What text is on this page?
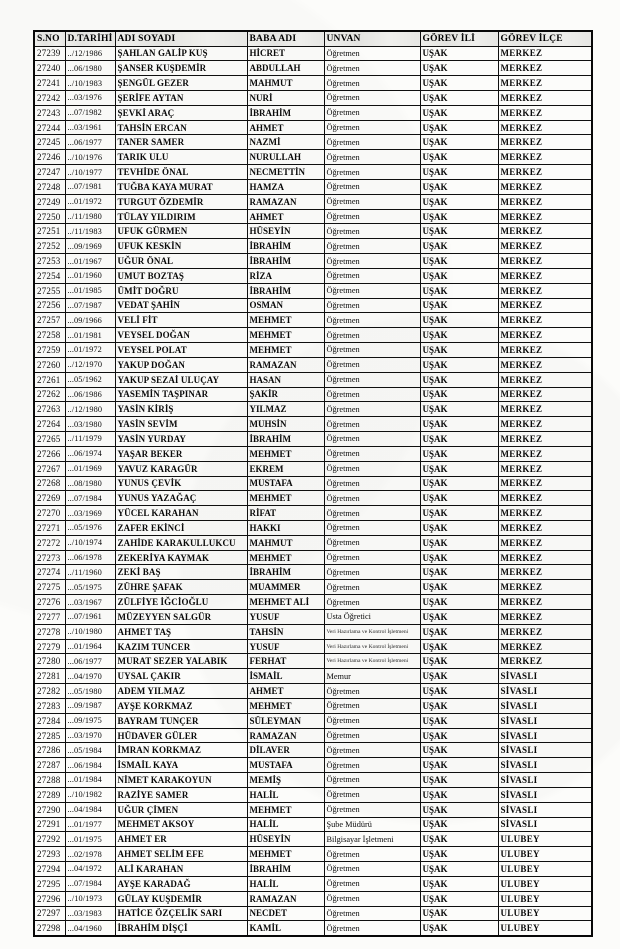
S.NO	D.TARİHİ	ADI SOYADI	BABA ADI	UNVAN	GÖREV İLİ	GÖREV İLÇE
27239	../12/1986	ŞAHLAN GALİP KUŞ	HİCRET	Öğretmen	UŞAK	MERKEZ
27240	...06/1980	ŞANSER KUŞDEMİR	ABDULLAH	Öğretmen	UŞAK	MERKEZ
27241	../10/1983	ŞENGÜL GEZER	MAHMUT	Öğretmen	UŞAK	MERKEZ
27242	...03/1976	ŞERİFE AYTAN	NURİ	Öğretmen	UŞAK	MERKEZ
27243	...07/1982	ŞEVKİ ARAÇ	İBRAHİM	Öğretmen	UŞAK	MERKEZ
27244	...03/1961	TAHSİN ERCAN	AHMET	Öğretmen	UŞAK	MERKEZ
27245	...06/1977	TANER SAMER	NAZMİ	Öğretmen	UŞAK	MERKEZ
27246	../10/1976	TARIK ULU	NURULLAH	Öğretmen	UŞAK	MERKEZ
27247	../10/1977	TEVHİDE ÖNAL	NECMETTİN	Öğretmen	UŞAK	MERKEZ
27248	...07/1981	TUĞBA KAYA MURAT	HAMZA	Öğretmen	UŞAK	MERKEZ
27249	...01/1972	TURGUT ÖZDEMİR	RAMAZAN	Öğretmen	UŞAK	MERKEZ
27250	../11/1980	TÜLAY YILDIRIM	AHMET	Öğretmen	UŞAK	MERKEZ
27251	../11/1983	UFUK GÜRMEN	HÜSEYİN	Öğretmen	UŞAK	MERKEZ
27252	...09/1969	UFUK KESKİN	İBRAHİM	Öğretmen	UŞAK	MERKEZ
27253	...01/1967	UĞUR ÖNAL	İBRAHİM	Öğretmen	UŞAK	MERKEZ
27254	...01/1960	UMUT BOZTAŞ	RİZA	Öğretmen	UŞAK	MERKEZ
27255	...01/1985	ÜMİT DOĞRU	İBRAHİM	Öğretmen	UŞAK	MERKEZ
27256	...07/1987	VEDAT ŞAHİN	OSMAN	Öğretmen	UŞAK	MERKEZ
27257	...09/1966	VELİ FİT	MEHMET	Öğretmen	UŞAK	MERKEZ
27258	...01/1981	VEYSEL DOĞAN	MEHMET	Öğretmen	UŞAK	MERKEZ
27259	...01/1972	VEYSEL POLAT	MEHMET	Öğretmen	UŞAK	MERKEZ
27260	../12/1970	YAKUP DOĞAN	RAMAZAN	Öğretmen	UŞAK	MERKEZ
27261	...05/1962	YAKUP SEZAİ ULUÇAY	HASAN	Öğretmen	UŞAK	MERKEZ
27262	...06/1986	YASEMİN TAŞPINAR	ŞAKİR	Öğretmen	UŞAK	MERKEZ
27263	../12/1980	YASİN KİRİŞ	YILMAZ	Öğretmen	UŞAK	MERKEZ
27264	...03/1980	YASİN SEVİM	MUHSİN	Öğretmen	UŞAK	MERKEZ
27265	../11/1979	YASİN YURDAY	İBRAHİM	Öğretmen	UŞAK	MERKEZ
27266	...06/1974	YAŞAR BEKER	MEHMET	Öğretmen	UŞAK	MERKEZ
27267	...01/1969	YAVUZ KARAGÜR	EKREM	Öğretmen	UŞAK	MERKEZ
27268	...08/1980	YUNUS ÇEVİK	MUSTAFA	Öğretmen	UŞAK	MERKEZ
27269	...07/1984	YUNUS YAZAĞAÇ	MEHMET	Öğretmen	UŞAK	MERKEZ
27270	...03/1969	YÜCEL KARAHAN	RİFAT	Öğretmen	UŞAK	MERKEZ
27271	...05/1976	ZAFER EKİNCİ	HAKKI	Öğretmen	UŞAK	MERKEZ
27272	../10/1974	ZAHİDE KARAKULLUKCU	MAHMUT	Öğretmen	UŞAK	MERKEZ
27273	...06/1978	ZEKERİYA KAYMAK	MEHMET	Öğretmen	UŞAK	MERKEZ
27274	../11/1960	ZEKİ BAŞ	İBRAHİM	Öğretmen	UŞAK	MERKEZ
27275	...05/1975	ZÜHRE ŞAFAK	MUAMMER	Öğretmen	UŞAK	MERKEZ
27276	...03/1967	ZÜLFİYE İĞCİOĞLU	MEHMET ALİ	Öğretmen	UŞAK	MERKEZ
27277	...07/1961	MÜZEYYEN SALGÜR	YUSUF	Usta Öğretici	UŞAK	MERKEZ
27278	../10/1980	AHMET TAŞ	TAHSİN	Veri Hazırlama ve Kontrol İşletmeni	UŞAK	MERKEZ
27279	...01/1964	KAZIM TUNCER	YUSUF	Veri Hazırlama ve Kontrol İşletmeni	UŞAK	MERKEZ
27280	...06/1977	MURAT SEZER YALABIK	FERHAT	Veri Hazırlama ve Kontrol İşletmeni	UŞAK	MERKEZ
27281	...04/1970	UYSAL ÇAKIR	İSMAİL	Memur	UŞAK	SİVASLI
27282	...05/1980	ADEM YILMAZ	AHMET	Öğretmen	UŞAK	SİVASLI
27283	...09/1987	AYŞE KORKMAZ	MEHMET	Öğretmen	UŞAK	SİVASLI
27284	...09/1975	BAYRAM TUNÇER	SÜLEYMAN	Öğretmen	UŞAK	SİVASLI
27285	...03/1970	HÜDAVER GÜLER	RAMAZAN	Öğretmen	UŞAK	SİVASLI
27286	...05/1984	İMRAN KORKMAZ	DİLAVER	Öğretmen	UŞAK	SİVASLI
27287	...06/1984	İSMAİL KAYA	MUSTAFA	Öğretmen	UŞAK	SİVASLI
27288	...01/1984	NİMET KARAKOYUN	MEMİŞ	Öğretmen	UŞAK	SİVASLI
27289	../10/1982	RAZİYE SAMER	HALİL	Öğretmen	UŞAK	SİVASLI
27290	...04/1984	UĞUR ÇİMEN	MEHMET	Öğretmen	UŞAK	SİVASLI
27291	...01/1977	MEHMET AKSOY	HALİL	Şube Müdürü	UŞAK	SİVASLI
27292	...01/1975	AHMET ER	HÜSEYİN	Bilgisayar İşletmeni	UŞAK	ULUBEY
27293	...02/1978	AHMET SELİM EFE	MEHMET	Öğretmen	UŞAK	ULUBEY
27294	...04/1972	ALİ KARAHAN	İBRAHİM	Öğretmen	UŞAK	ULUBEY
27295	...07/1984	AYŞE KARADAĞ	HALİL	Öğretmen	UŞAK	ULUBEY
27296	../10/1973	GÜLAY KUŞDEMİR	RAMAZAN	Öğretmen	UŞAK	ULUBEY
27297	...03/1983	HATİCE ÖZÇELİK SARI	NECDET	Öğretmen	UŞAK	ULUBEY
27298	...04/1960	İBRAHİM DİŞÇİ	KAMİL	Öğretmen	UŞAK	ULUBEY
